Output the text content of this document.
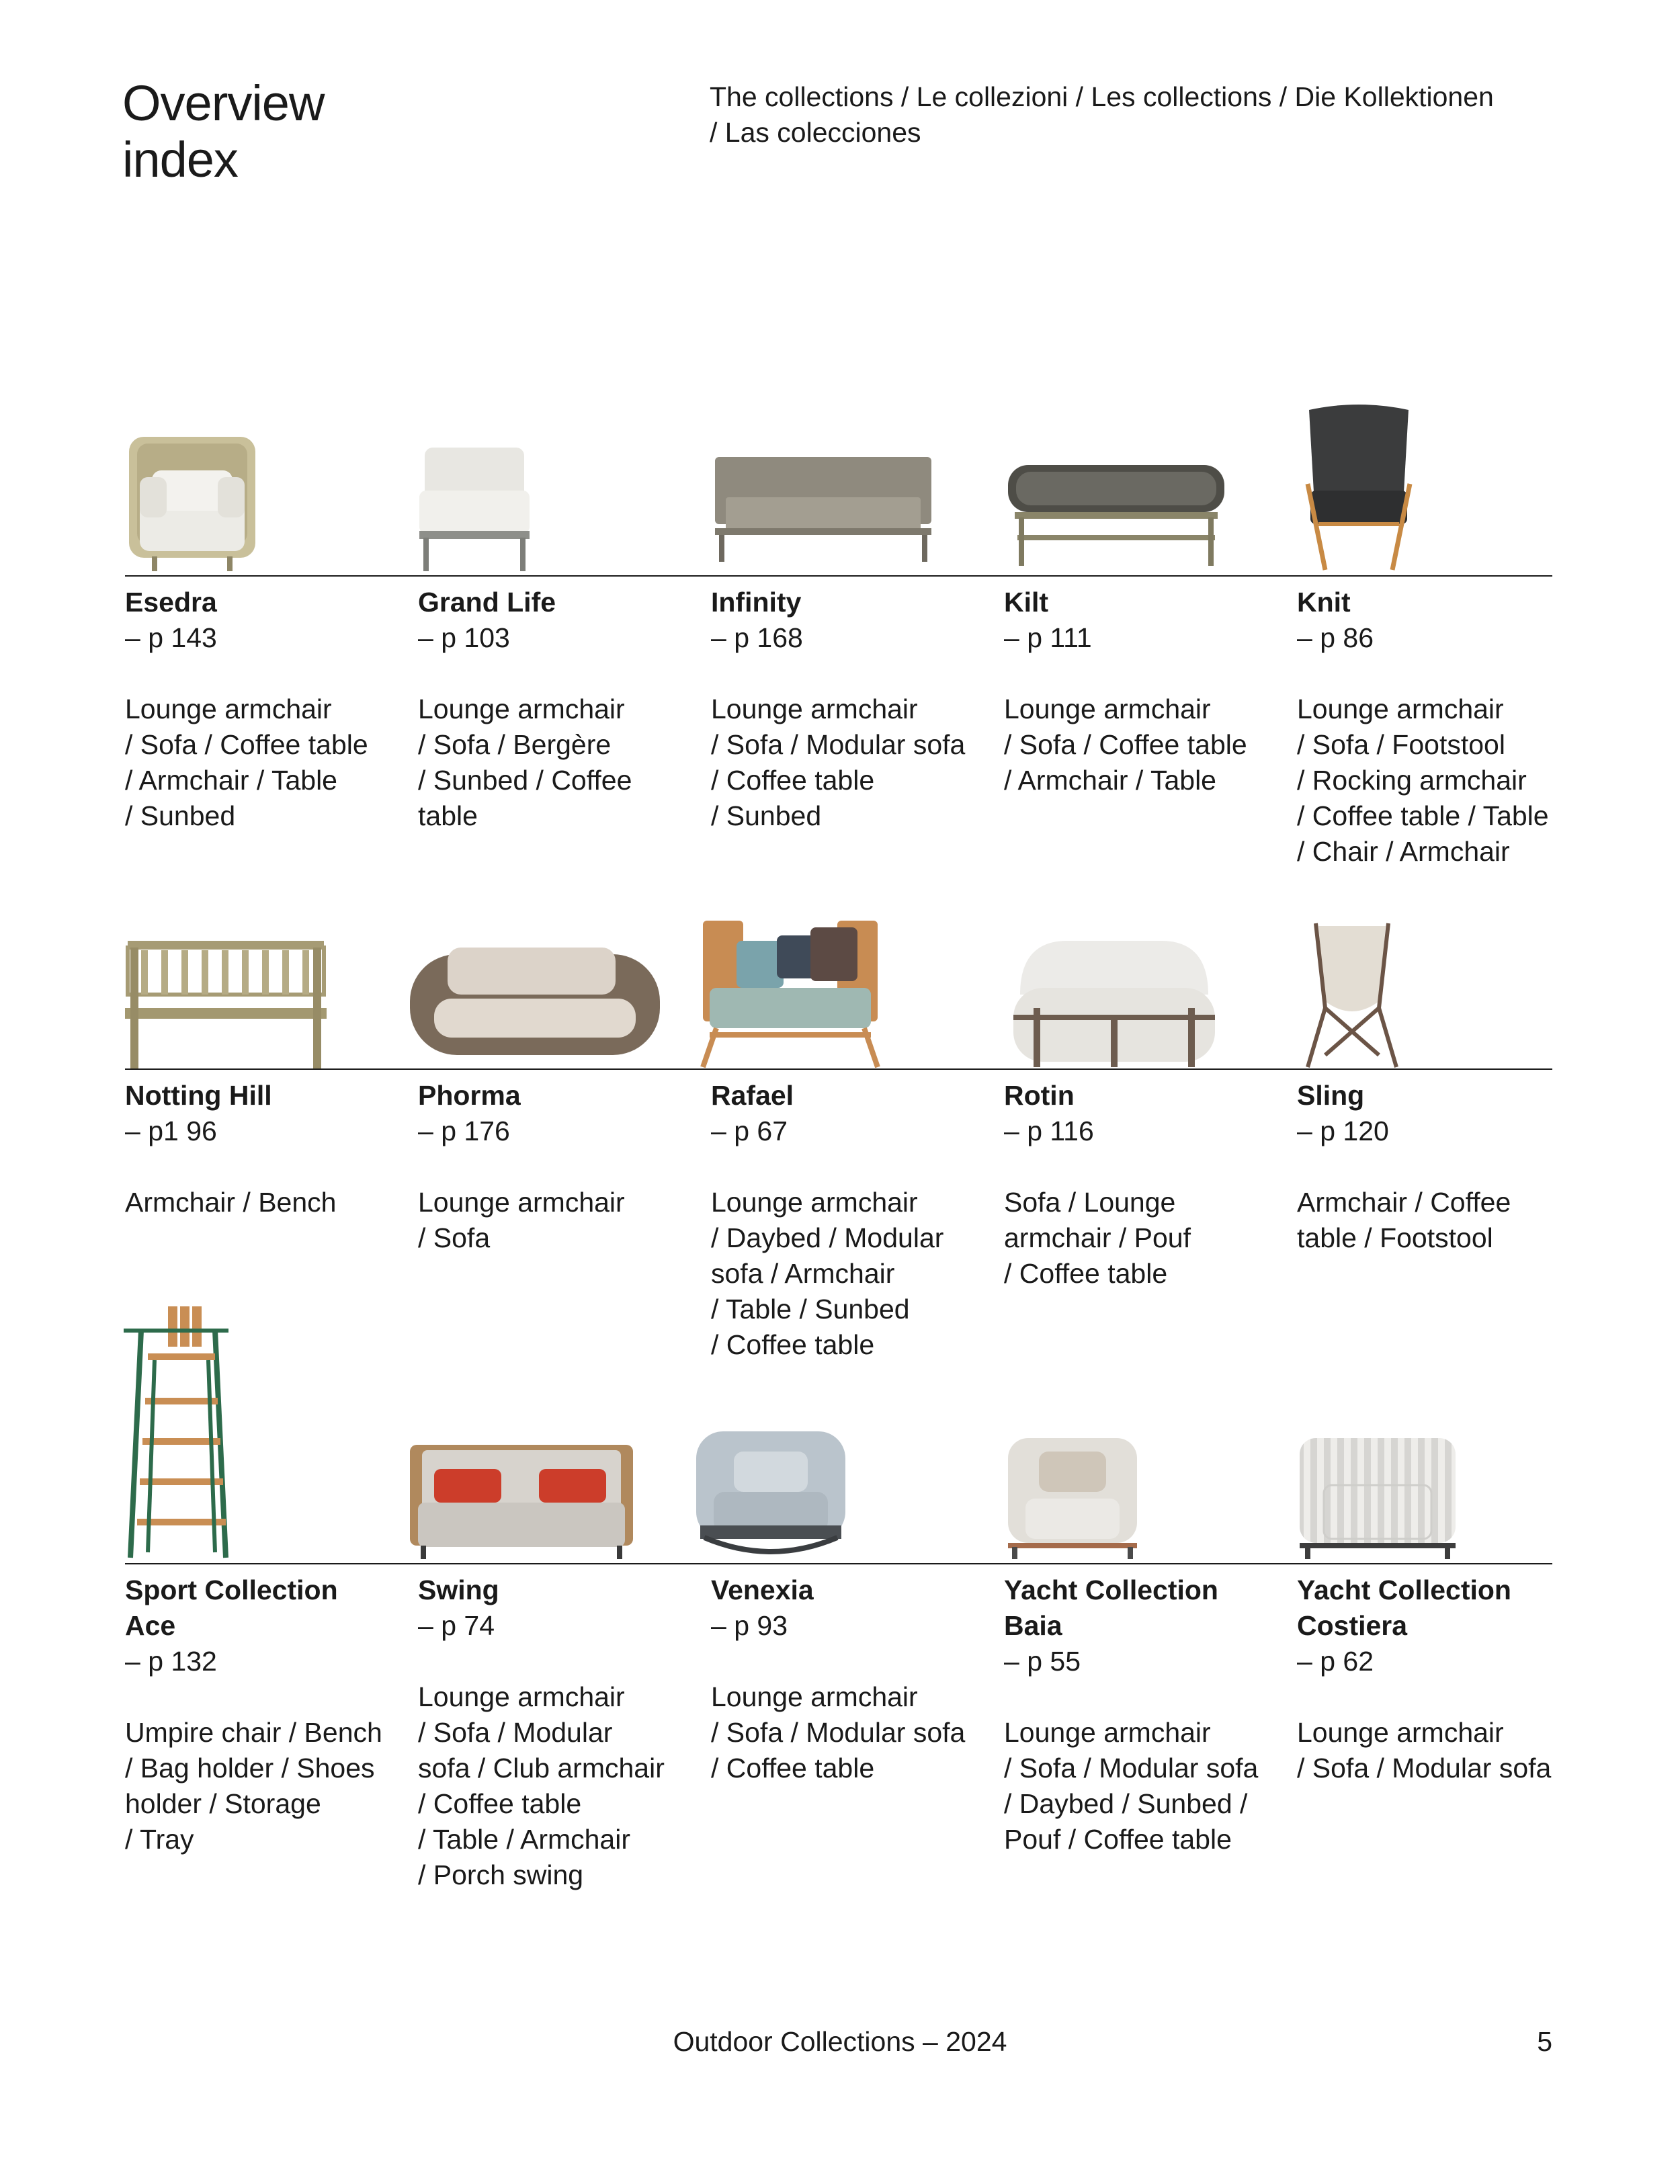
Overview
index

The collections / Le collezioni / Les collections / Die Kollektionen
/ Las colecciones

Esedra
– p 143
Lounge armchair
/ Sofa / Coffee table
/ Armchair / Table
/ Sunbed
Grand Life
– p 103
Lounge armchair
/ Sofa / Bergère
/ Sunbed / Coffee
table
Infinity
– p 168
Lounge armchair
/ Sofa / Modular sofa
/ Coffee table
/ Sunbed
Kilt
– p 111
Lounge armchair
/ Sofa / Coffee table
/ Armchair / Table
Knit
– p 86
Lounge armchair
/ Sofa / Footstool
/ Rocking armchair
/ Coffee table / Table
/ Chair / Armchair
Notting Hill
– p1 96
Armchair / Bench
Phorma
– p 176
Lounge armchair
/ Sofa
Rafael
– p 67
Lounge armchair
/ Daybed / Modular
sofa / Armchair
/ Table / Sunbed
/ Coffee table
Rotin
– p 116
Sofa / Lounge
armchair / Pouf
/ Coffee table
Sling
– p 120
Armchair / Coffee
table / Footstool
Sport Collection
Ace
– p 132
Umpire chair / Bench
/ Bag holder / Shoes
holder / Storage
/ Tray
Swing
– p 74
Lounge armchair
/ Sofa / Modular
sofa / Club armchair
/ Coffee table
/ Table / Armchair
/ Porch swing
Venexia
– p 93
Lounge armchair
/ Sofa / Modular sofa
/ Coffee table
Yacht Collection
Baia
– p 55
Lounge armchair
/ Sofa / Modular sofa
/ Daybed / Sunbed /
Pouf / Coffee table
Yacht Collection
Costiera
– p 62
Lounge armchair
/ Sofa / Modular sofa
Outdoor Collections – 2024	5
